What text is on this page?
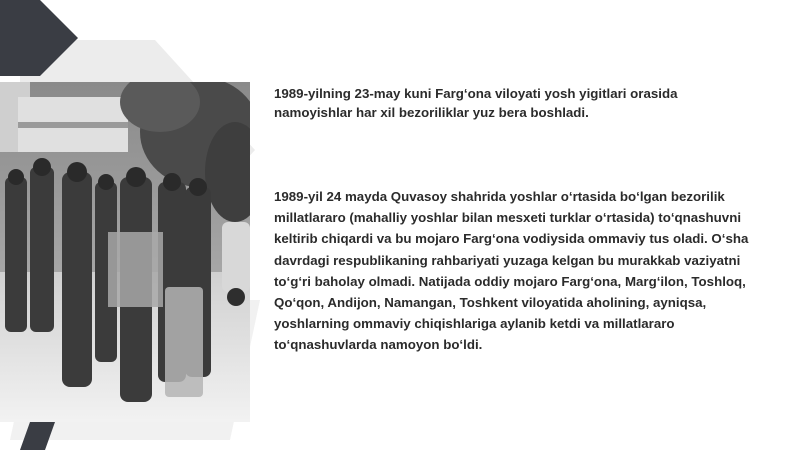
1989-yilning 23-may kuni Farg‘ona viloyati yosh yigitlari orasida namoyishlar har xil bezoriliklar yuz bera boshladi.

1989-yil 24 mayda Quvasoy shahrida yoshlar o‘rtasida bo‘lgan bezorilik millatlararo (mahalliy yoshlar bilan mesxeti turklar o‘rtasida) to‘qnashuvni keltirib chiqardi va bu mojaro Farg‘ona vodiysida ommaviy tus oladi. O‘sha davrdagi respublikaning rahbariyati yuzaga kelgan bu murakkab vaziyatni to‘g‘ri baholay olmadi. Natijada oddiy mojaro Farg‘ona, Marg‘ilon, Toshloq, Qo‘qon, Andijon, Namangan, Toshkent viloyatida aholining, ayniqsa, yoshlarning ommaviy chiqishlariga aylanib ketdi va millatlararo to‘qnashuvlarda namoyon bo‘ldi.
